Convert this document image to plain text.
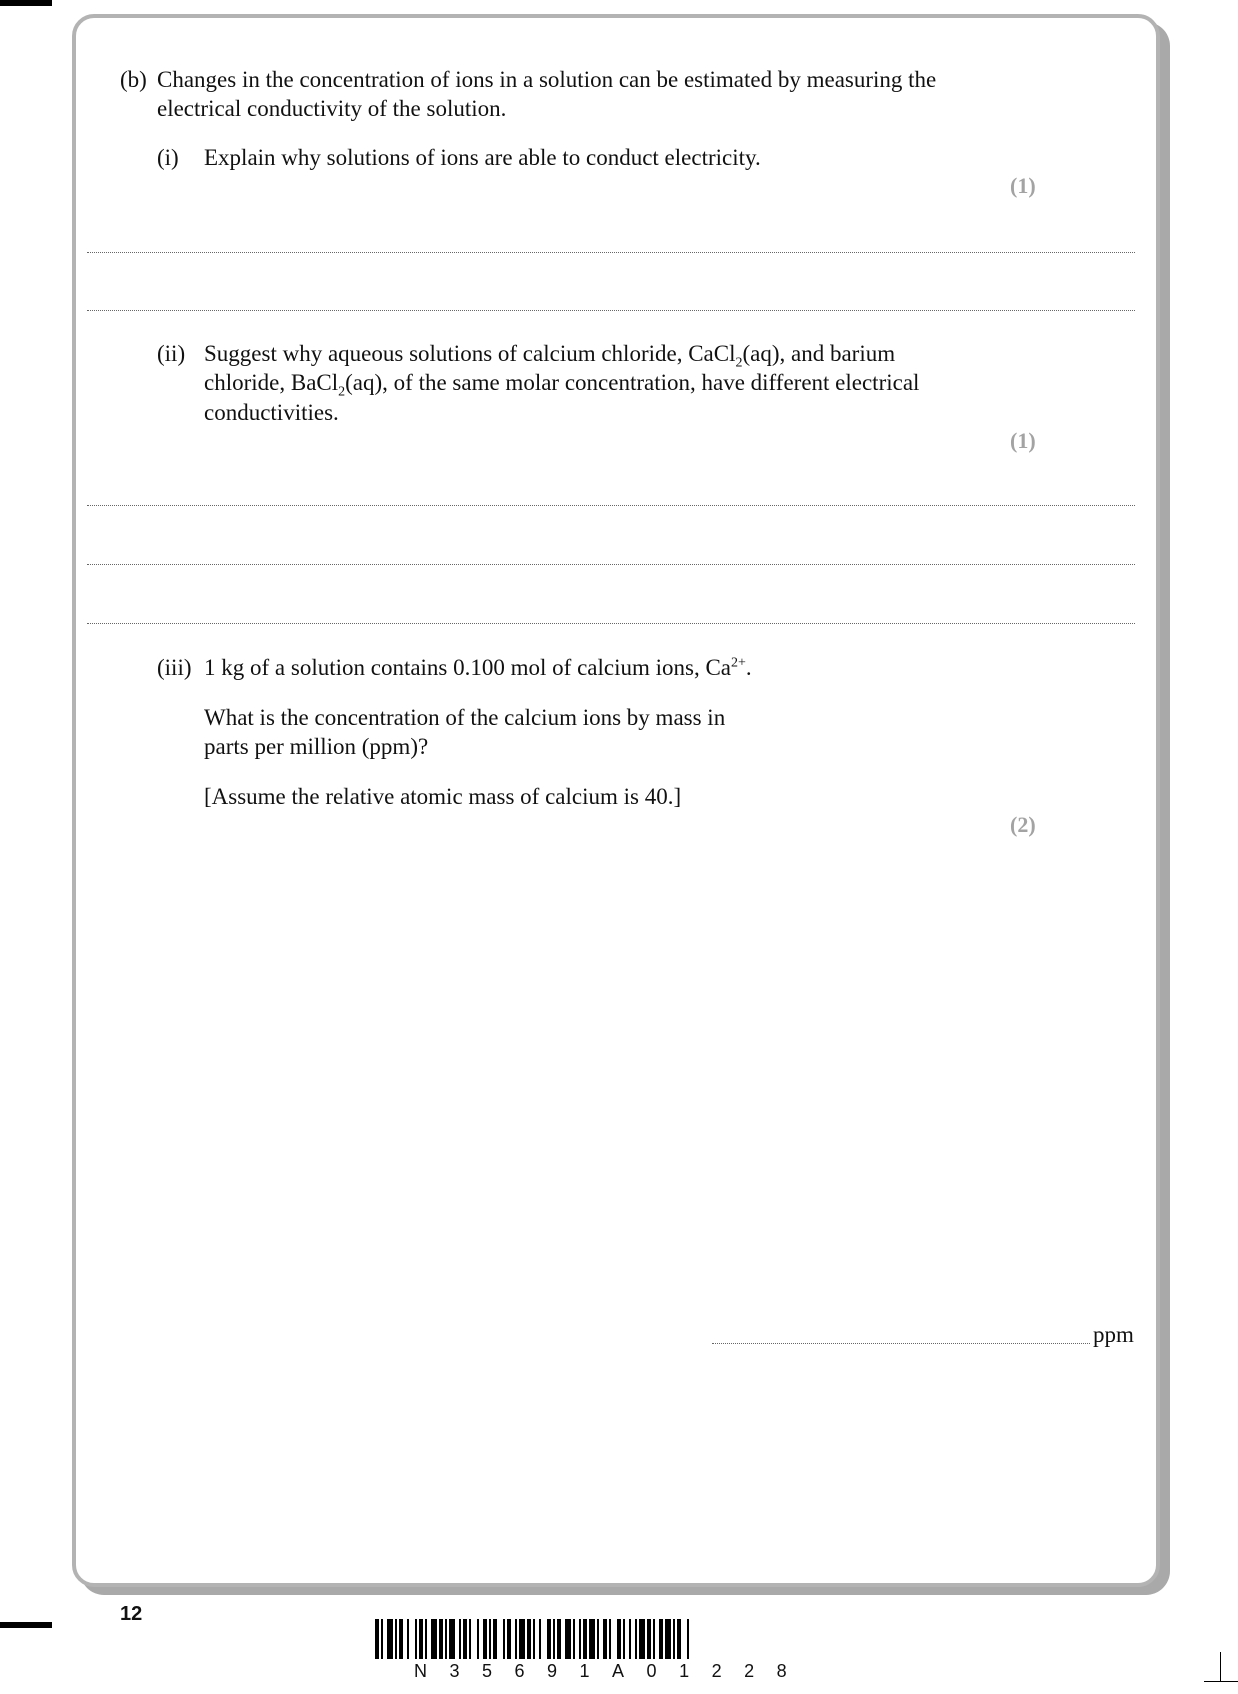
(b) Changes in the concentration of ions in a solution can be estimated by measuring the
electrical conductivity of the solution.
(i) Explain why solutions of ions are able to conduct electricity.
(1)
(ii) Suggest why aqueous solutions of calcium chloride, CaCl$_2$(aq), and barium
chloride, BaCl$_2$(aq), of the same molar concentration, have different electrical
conductivities.
(1)
(iii) 1 kg of a solution contains 0.100 mol of calcium ions, $Ca^{2+}$.
What is the concentration of the calcium ions by mass in
parts per million (ppm)?
[Assume the relative atomic mass of calcium is 40.]
(2)
ppm
12
N35691A01228
